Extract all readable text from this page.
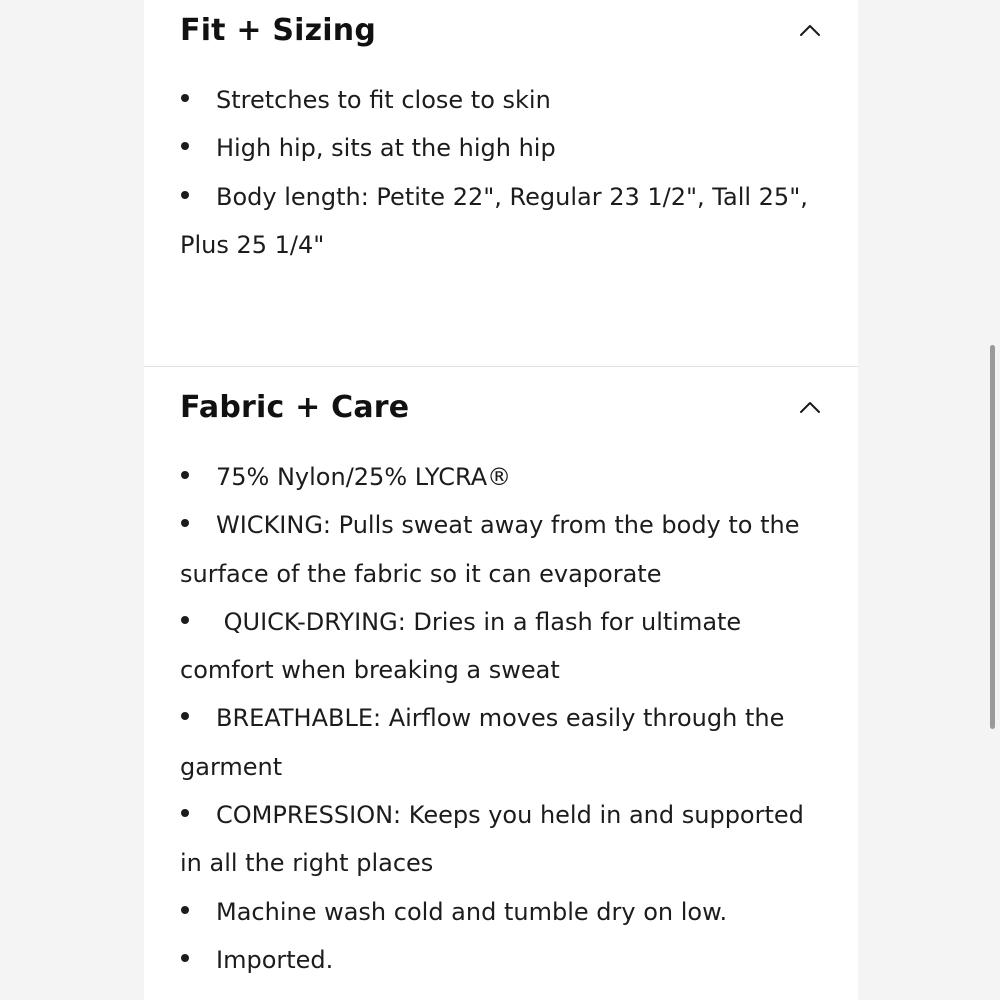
Fit + Sizing
Stretches to fit close to skin
High hip, sits at the high hip
Body length: Petite 22", Regular 23 1/2", Tall 25", Plus 25 1/4"
Fabric + Care
75% Nylon/25% LYCRA®
WICKING: Pulls sweat away from the body to the surface of the fabric so it can evaporate
QUICK-DRYING: Dries in a flash for ultimate comfort when breaking a sweat
BREATHABLE: Airflow moves easily through the garment
COMPRESSION: Keeps you held in and supported in all the right places
Machine wash cold and tumble dry on low.
Imported.
